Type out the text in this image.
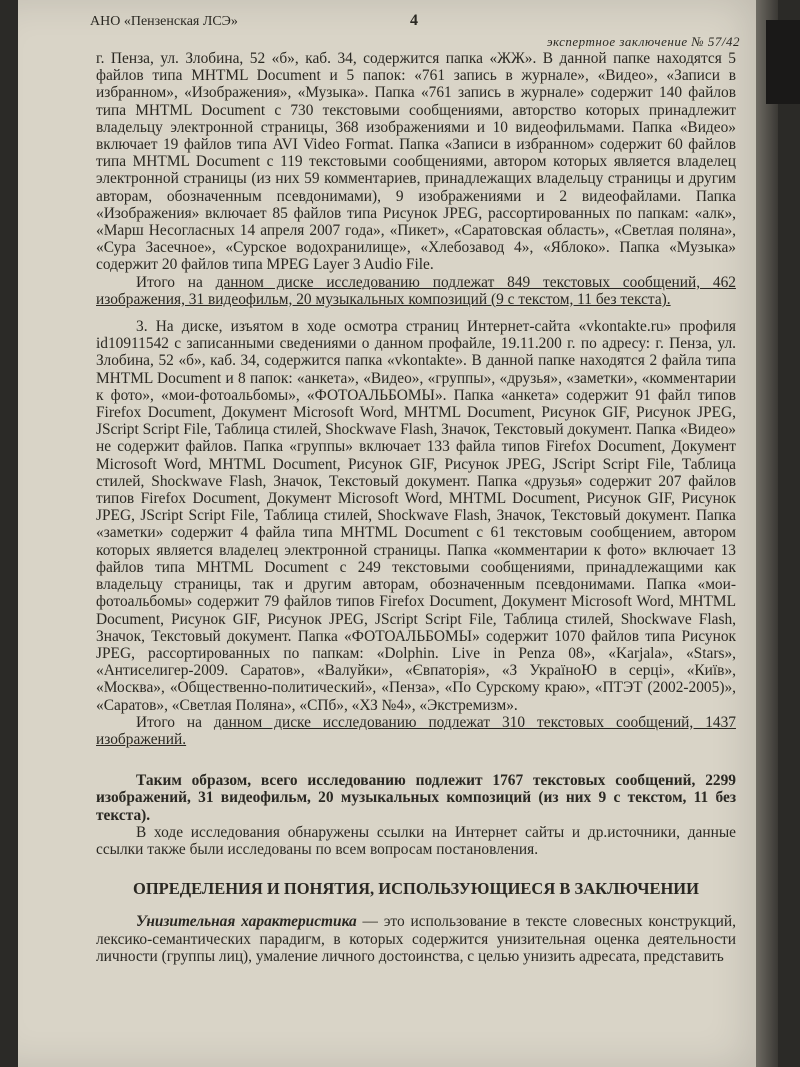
АНО «Пензенская ЛСЭ»	4
экспертное заключение № 57/42

г. Пенза, ул. Злобина, 52 «б», каб. 34, содержится папка «ЖЖ». В данной папке находятся 5 файлов типа MHTML Document и 5 папок: «761 запись в журнале», «Видео», «Записи в избранном», «Изображения», «Музыка». Папка «761 запись в журнале» содержит 140 файлов типа MHTML Document с 730 текстовыми сообщениями, авторство которых принадлежит владельцу электронной страницы, 368 изображениями и 10 видеофильмами. Папка «Видео» включает 19 файлов типа AVI Video Format. Папка «Записи в избранном» содержит 60 файлов типа MHTML Document с 119 текстовыми сообщениями, автором которых является владелец электронной страницы (из них 59 комментариев, принадлежащих владельцу страницы и другим авторам, обозначенным псевдонимами), 9 изображениями и 2 видеофайлами. Папка «Изображения» включает 85 файлов типа Рисунок JPEG, рассортированных по папкам: «алк», «Марш Несогласных 14 апреля 2007 года», «Пикет», «Саратовская область», «Светлая поляна», «Сура Засечное», «Сурское водохранилище», «Хлебозавод 4», «Яблоко». Папка «Музыка» содержит 20 файлов типа MPEG Layer 3 Audio File.

Итого на данном диске исследованию подлежат 849 текстовых сообщений, 462 изображения, 31 видеофильм, 20 музыкальных композиций (9 с текстом, 11 без текста).

3. На диске, изъятом в ходе осмотра страниц Интернет-сайта «vkontakte.ru» профиля id10911542 с записанными сведениями о данном профайле, 19.11.200 г. по адресу: г. Пенза, ул. Злобина, 52 «б», каб. 34, содержится папка «vkontakte». В данной папке находятся 2 файла типа MHTML Document и 8 папок: «анкета», «Видео», «группы», «друзья», «заметки», «комментарии к фото», «мои-фотоальбомы», «ФОТОАЛЬБОМЫ». Папка «анкета» содержит 91 файл типов Firefox Document, Документ Microsoft Word, MHTML Document, Рисунок GIF, Рисунок JPEG, JScript Script File, Таблица стилей, Shockwave Flash, Значок, Текстовый документ. Папка «Видео» не содержит файлов. Папка «группы» включает 133 файла типов Firefox Document, Документ Microsoft Word, MHTML Document, Рисунок GIF, Рисунок JPEG, JScript Script File, Таблица стилей, Shockwave Flash, Значок, Текстовый документ. Папка «друзья» содержит 207 файлов типов Firefox Document, Документ Microsoft Word, MHTML Document, Рисунок GIF, Рисунок JPEG, JScript Script File, Таблица стилей, Shockwave Flash, Значок, Текстовый документ. Папка «заметки» содержит 4 файла типа MHTML Document с 61 текстовым сообщением, автором которых является владелец электронной страницы. Папка «комментарии к фото» включает 13 файлов типа MHTML Document с 249 текстовыми сообщениями, принадлежащими как владельцу страницы, так и другим авторам, обозначенным псевдонимами. Папка «мои-фотоальбомы» содержит 79 файлов типов Firefox Document, Документ Microsoft Word, MHTML Document, Рисунок GIF, Рисунок JPEG, JScript Script File, Таблица стилей, Shockwave Flash, Значок, Текстовый документ. Папка «ФОТОАЛЬБОМЫ» содержит 1070 файлов типа Рисунок JPEG, рассортированных по папкам: «Dolphin. Live in Penza 08», «Karjala», «Stars», «Антиселигер-2009. Саратов», «Валуйки», «Євпаторія», «З УкраїноЮ в серці», «Київ», «Москва», «Общественно-политический», «Пенза», «По Сурскому краю», «ПТЭТ (2002-2005)», «Саратов», «Светлая Поляна», «СПб», «ХЗ №4», «Экстремизм».

Итого на данном диске исследованию подлежат 310 текстовых сообщений, 1437 изображений.

Таким образом, всего исследованию подлежит 1767 текстовых сообщений, 2299 изображений, 31 видеофильм, 20 музыкальных композиций (из них 9 с текстом, 11 без текста).

В ходе исследования обнаружены ссылки на Интернет сайты и др.источники, данные ссылки также были исследованы по всем вопросам постановления.

ОПРЕДЕЛЕНИЯ И ПОНЯТИЯ, ИСПОЛЬЗУЮЩИЕСЯ В ЗАКЛЮЧЕНИИ

Унизительная характеристика — это использование в тексте словесных конструкций, лексико-семантических парадигм, в которых содержится унизительная оценка деятельности личности (группы лиц), умаление личного достоинства, с целью унизить адресата, представить
